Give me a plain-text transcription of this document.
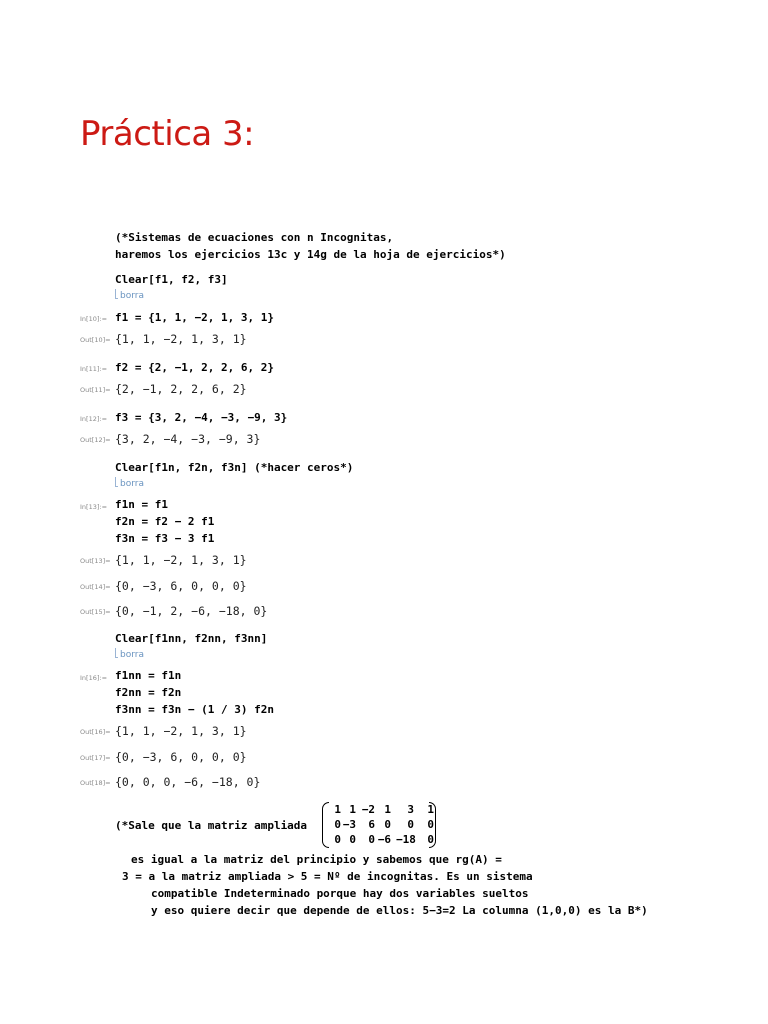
Práctica 3:
(*Sistemas de ecuaciones con n Incognitas,
haremos los ejercicios 13c y 14g de la hoja de ejercicios*)
Clear[f1, f2, f3]
borra
In[10]:= f1 = {1, 1, −2, 1, 3, 1}
Out[10]= {1, 1, −2, 1, 3, 1}
In[11]:= f2 = {2, −1, 2, 2, 6, 2}
Out[11]= {2, −1, 2, 2, 6, 2}
In[12]:= f3 = {3, 2, −4, −3, −9, 3}
Out[12]= {3, 2, −4, −3, −9, 3}
Clear[f1n, f2n, f3n] (*hacer ceros*)
borra
In[13]:= f1n = f1
f2n = f2 − 2 f1
f3n = f3 − 3 f1
Out[13]= {1, 1, −2, 1, 3, 1}
Out[14]= {0, −3, 6, 0, 0, 0}
Out[15]= {0, −1, 2, −6, −18, 0}
Clear[f1nn, f2nn, f3nn]
borra
In[16]:= f1nn = f1n
f2nn = f2n
f3nn = f3n − (1 / 3) f2n
Out[16]= {1, 1, −2, 1, 3, 1}
Out[17]= {0, −3, 6, 0, 0, 0}
Out[18]= {0, 0, 0, −6, −18, 0}
(*Sale que la matriz ampliada
1 1 −2 1	3	1
0 −3	6 0	0	0
0 0	0 −6 −18	0
es igual a la matriz del principio y sabemos que rg(A) =
3 = a la matriz ampliada > 5 = Nº de incognitas. Es un sistema
compatible Indeterminado porque hay dos variables sueltos
y eso quiere decir que depende de ellos: 5−3=2 La columna (1,0,0) es la B*)
